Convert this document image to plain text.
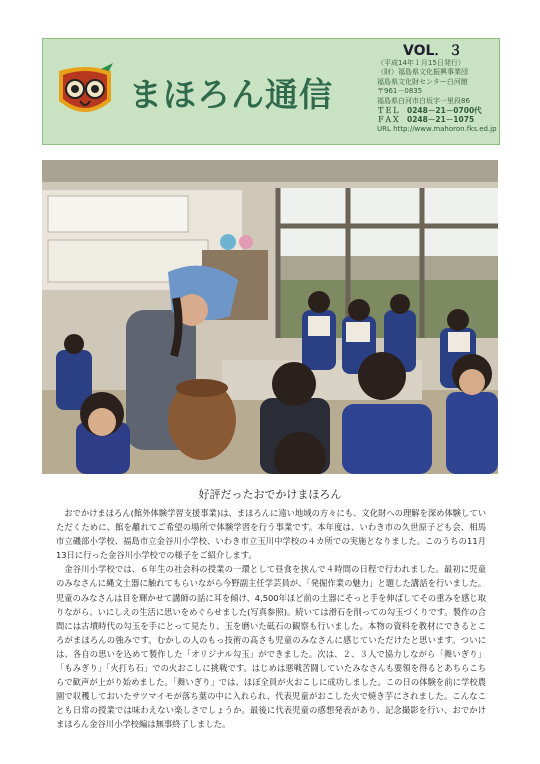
まほろん通信
VOL．３
（平成14年１月15日発行）
（財）福島県文化振興事業団
福島県文化財センター白河館
〒961－0835
福島県白河市白坂字一里段86
ＴＥＬ　0248－21－0700代
ＦＡＸ　0248－21－1075
URL http://www.mahoron.fks.ed.jp
好評だったおでかけまほろん

おでかけまほろん(館外体験学習支援事業)は、まほろんに遠い地域の方々にも、文化財への理解を深め体験していただくために、館を離れてご希望の場所で体験学習を行う事業です。本年度は、いわき市の久世原子ども会、相馬市立磯部小学校、福島市立金谷川小学校、いわき市立玉川中学校の４カ所での実施となりました。このうちの11月13日に行った金谷川小学校での様子をご紹介します。

金谷川小学校では、６年生の社会科の授業の一環として昼食を挟んで４時間の日程で行われました。最初に児童のみなさんに縄文土器に触れてもらいながら今野副主任学芸員が、「発掘作業の魅力」と題した講話を行いました。児童のみなさんは目を輝かせて講師の話に耳を傾け、4,500年ほど前の土器にそっと手を伸ばしてその重みを感じ取りながら、いにしえの生活に思いをめぐらせました(写真参照)。続いては滑石を削っての勾玉づくりです。製作の合間には古墳時代の勾玉を手にとって見たり、玉を磨いた砥石の観察も行いました。本物の資料を教材にできるところがまほろんの強みです。むかしの人のもっ技術の高さも児童のみなさんに感じていただけたと思います。ついには、各自の思いを込めて製作した「オリジナル勾玉」ができました。次は、２、３人で協力しながら「舞いぎり」「もみぎり」「火打ち石」での火おこしに挑戦です。はじめは悪戦苦闘していたみなさんも要領を得るとあちらこちらで歓声が上がり始めました。「舞いぎり」では、ほぼ全員が火おこしに成功しました。この日の体験を前に学校農園で収穫しておいたサツマイモが落ち葉の中に入れられ、代表児童がおこした火で焼き芋にされました。こんなことも日常の授業では味わえない楽しさでしょうか。最後に代表児童の感想発表があり、記念撮影を行い、おでかけまほろん金谷川小学校編は無事終了しました。
